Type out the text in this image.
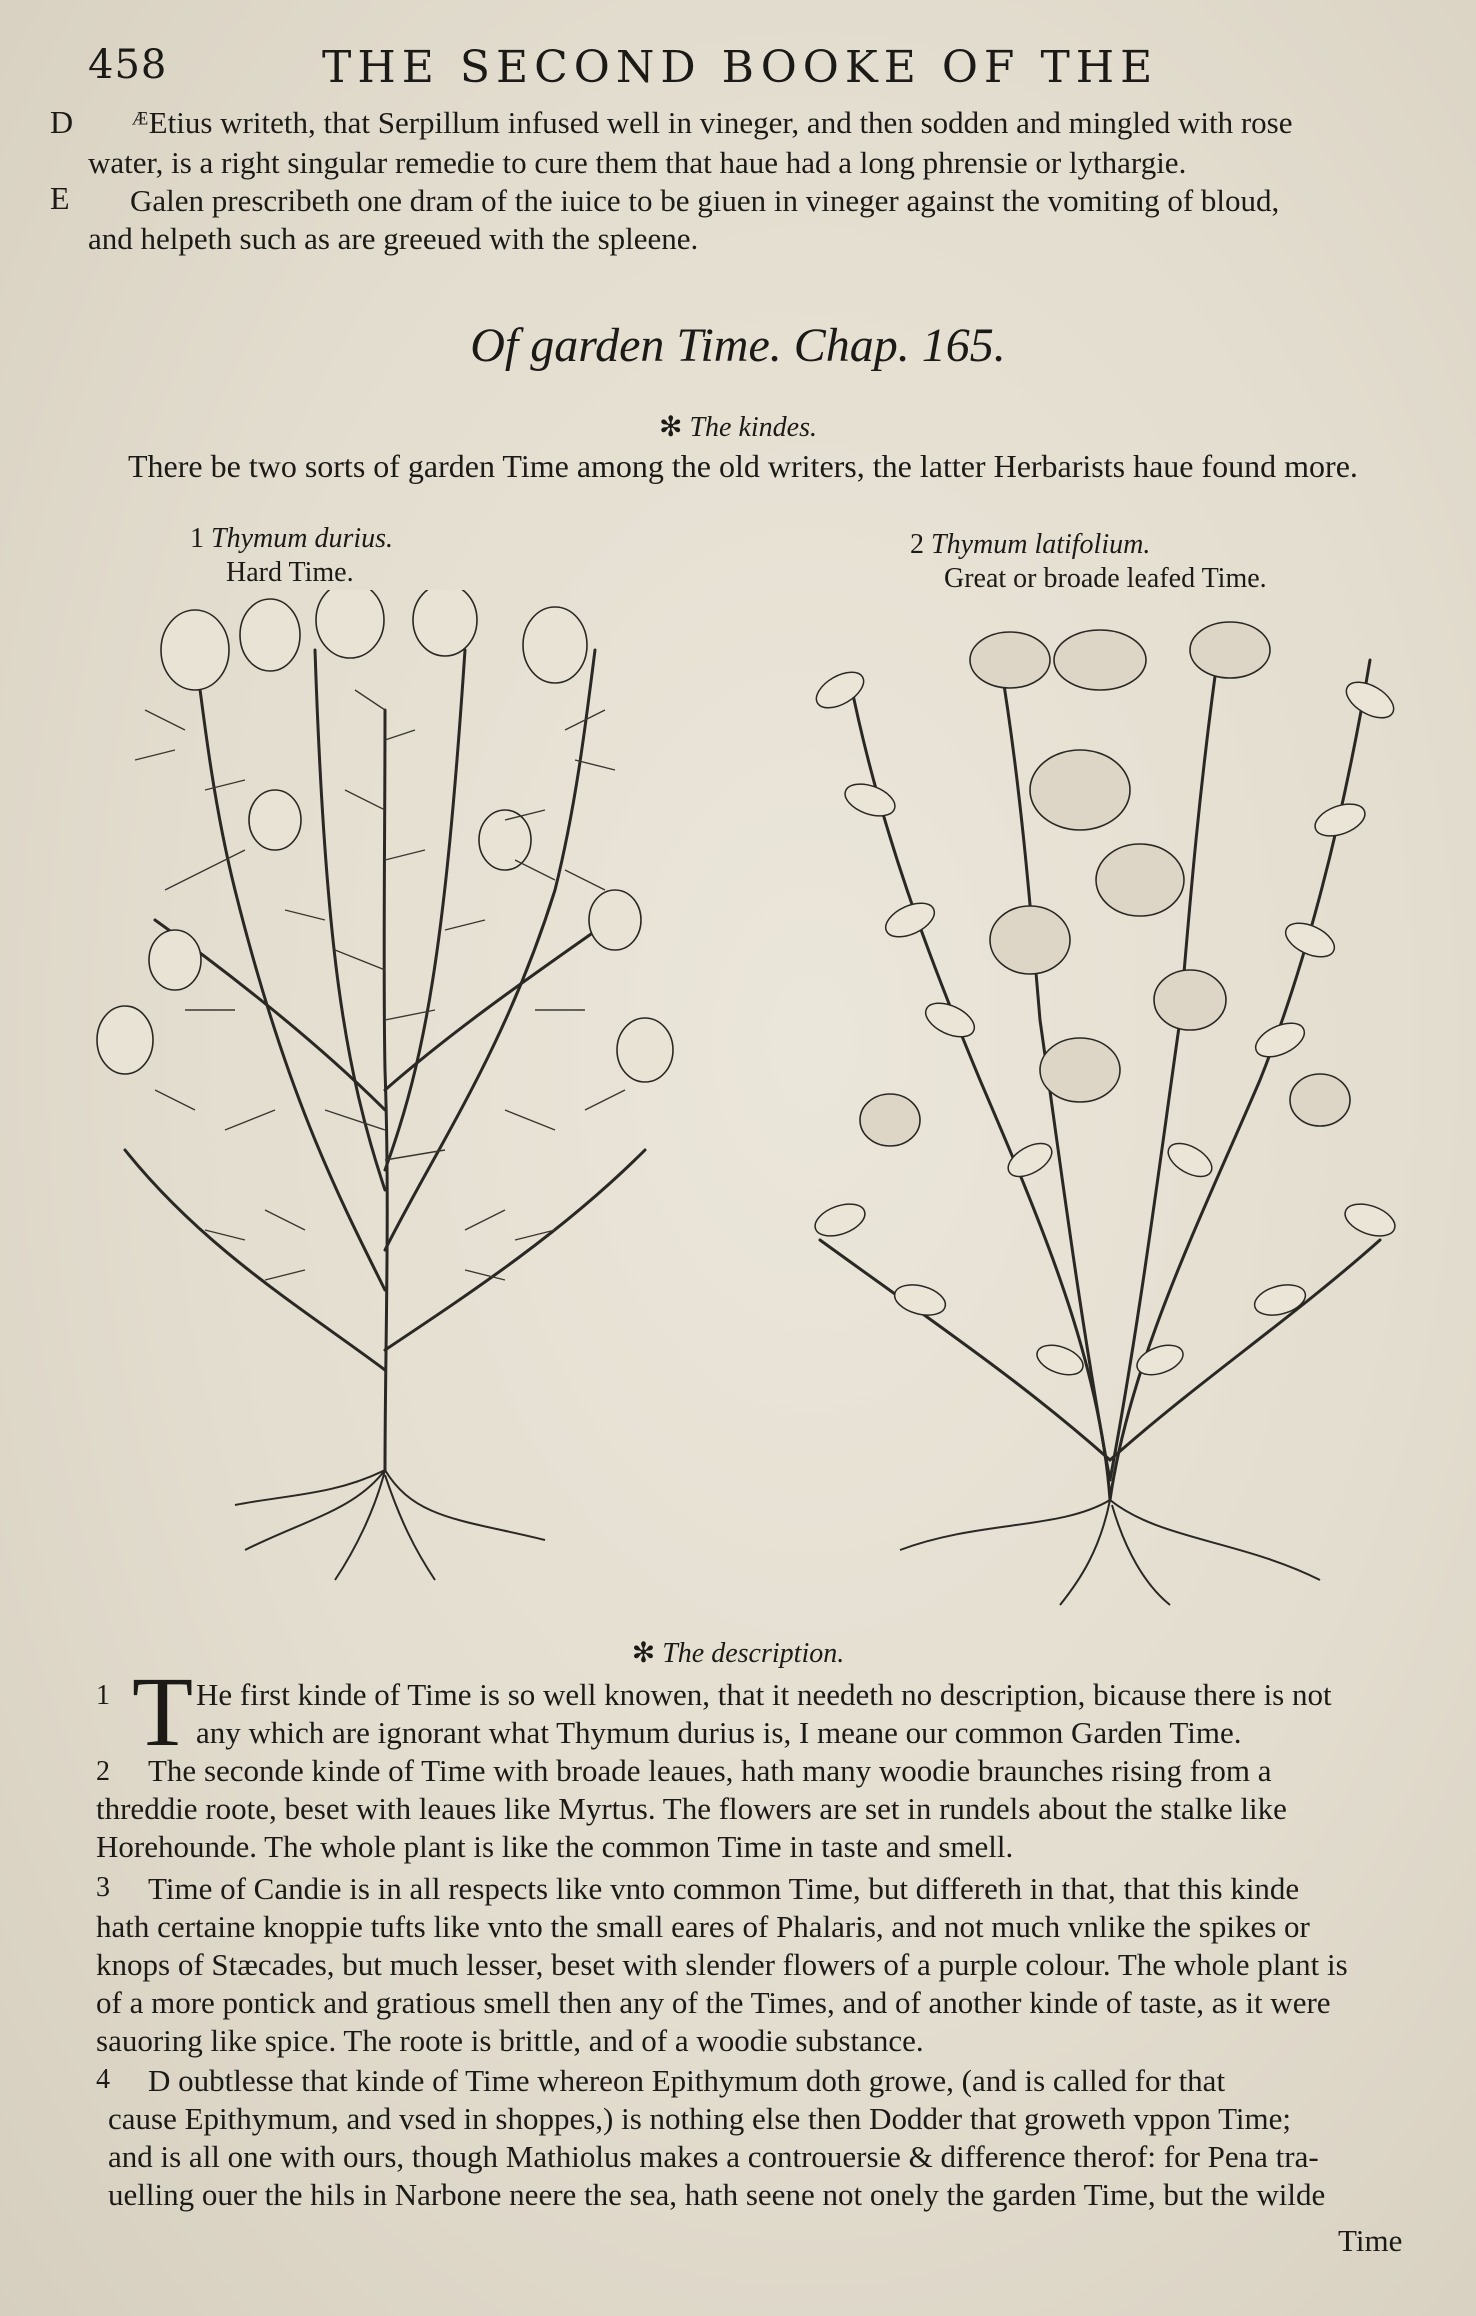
458	THE SECOND BOOKE OF THE
D
E
ᴭEtius writeth, that Serpillum infused well in vineger, and then sodden and mingled with rose
water, is a right singular remedie to cure them that haue had a long phrensie or lythargie.
Galen prescribeth one dram of the iuice to be giuen in vineger against the vomiting of bloud,
and helpeth such as are greeued with the spleene.
Of garden Time. Chap. 165.
✻ The kindes.
There be two sorts of garden Time among the old writers, the latter Herbarists haue found more.
1 Thymum durius.
Hard Time.
2 Thymum latifolium.
Great or broade leafed Time.
✻ The description.
1
2
3
4
T He first kinde of Time is so well knowen, that it needeth no description, bicause there is not
any which are ignorant what Thymum durius is, I meane our common Garden Time.
The seconde kinde of Time with broade leaues, hath many woodie braunches rising from a
threddie roote, beset with leaues like Myrtus. The flowers are set in rundels about the stalke like
Horehounde. The whole plant is like the common Time in taste and smell.
Time of Candie is in all respects like vnto common Time, but differeth in that, that this kinde
hath certaine knoppie tufts like vnto the small eares of Phalaris, and not much vnlike the spikes or
knops of Stæcades, but much lesser, beset with slender flowers of a purple colour. The whole plant is
of a more pontick and gratious smell then any of the Times, and of another kinde of taste, as it were
sauoring like spice. The roote is brittle, and of a woodie substance.
D oubtlesse that kinde of Time whereon Epithymum doth growe, (and is called for that
cause Epithymum, and vsed in shoppes,) is nothing else then Dodder that groweth vppon Time;
and is all one with ours, though Mathiolus makes a controuersie & difference therof: for Pena tra-
uelling ouer the hils in Narbone neere the sea, hath seene not onely the garden Time, but the wilde
Time
